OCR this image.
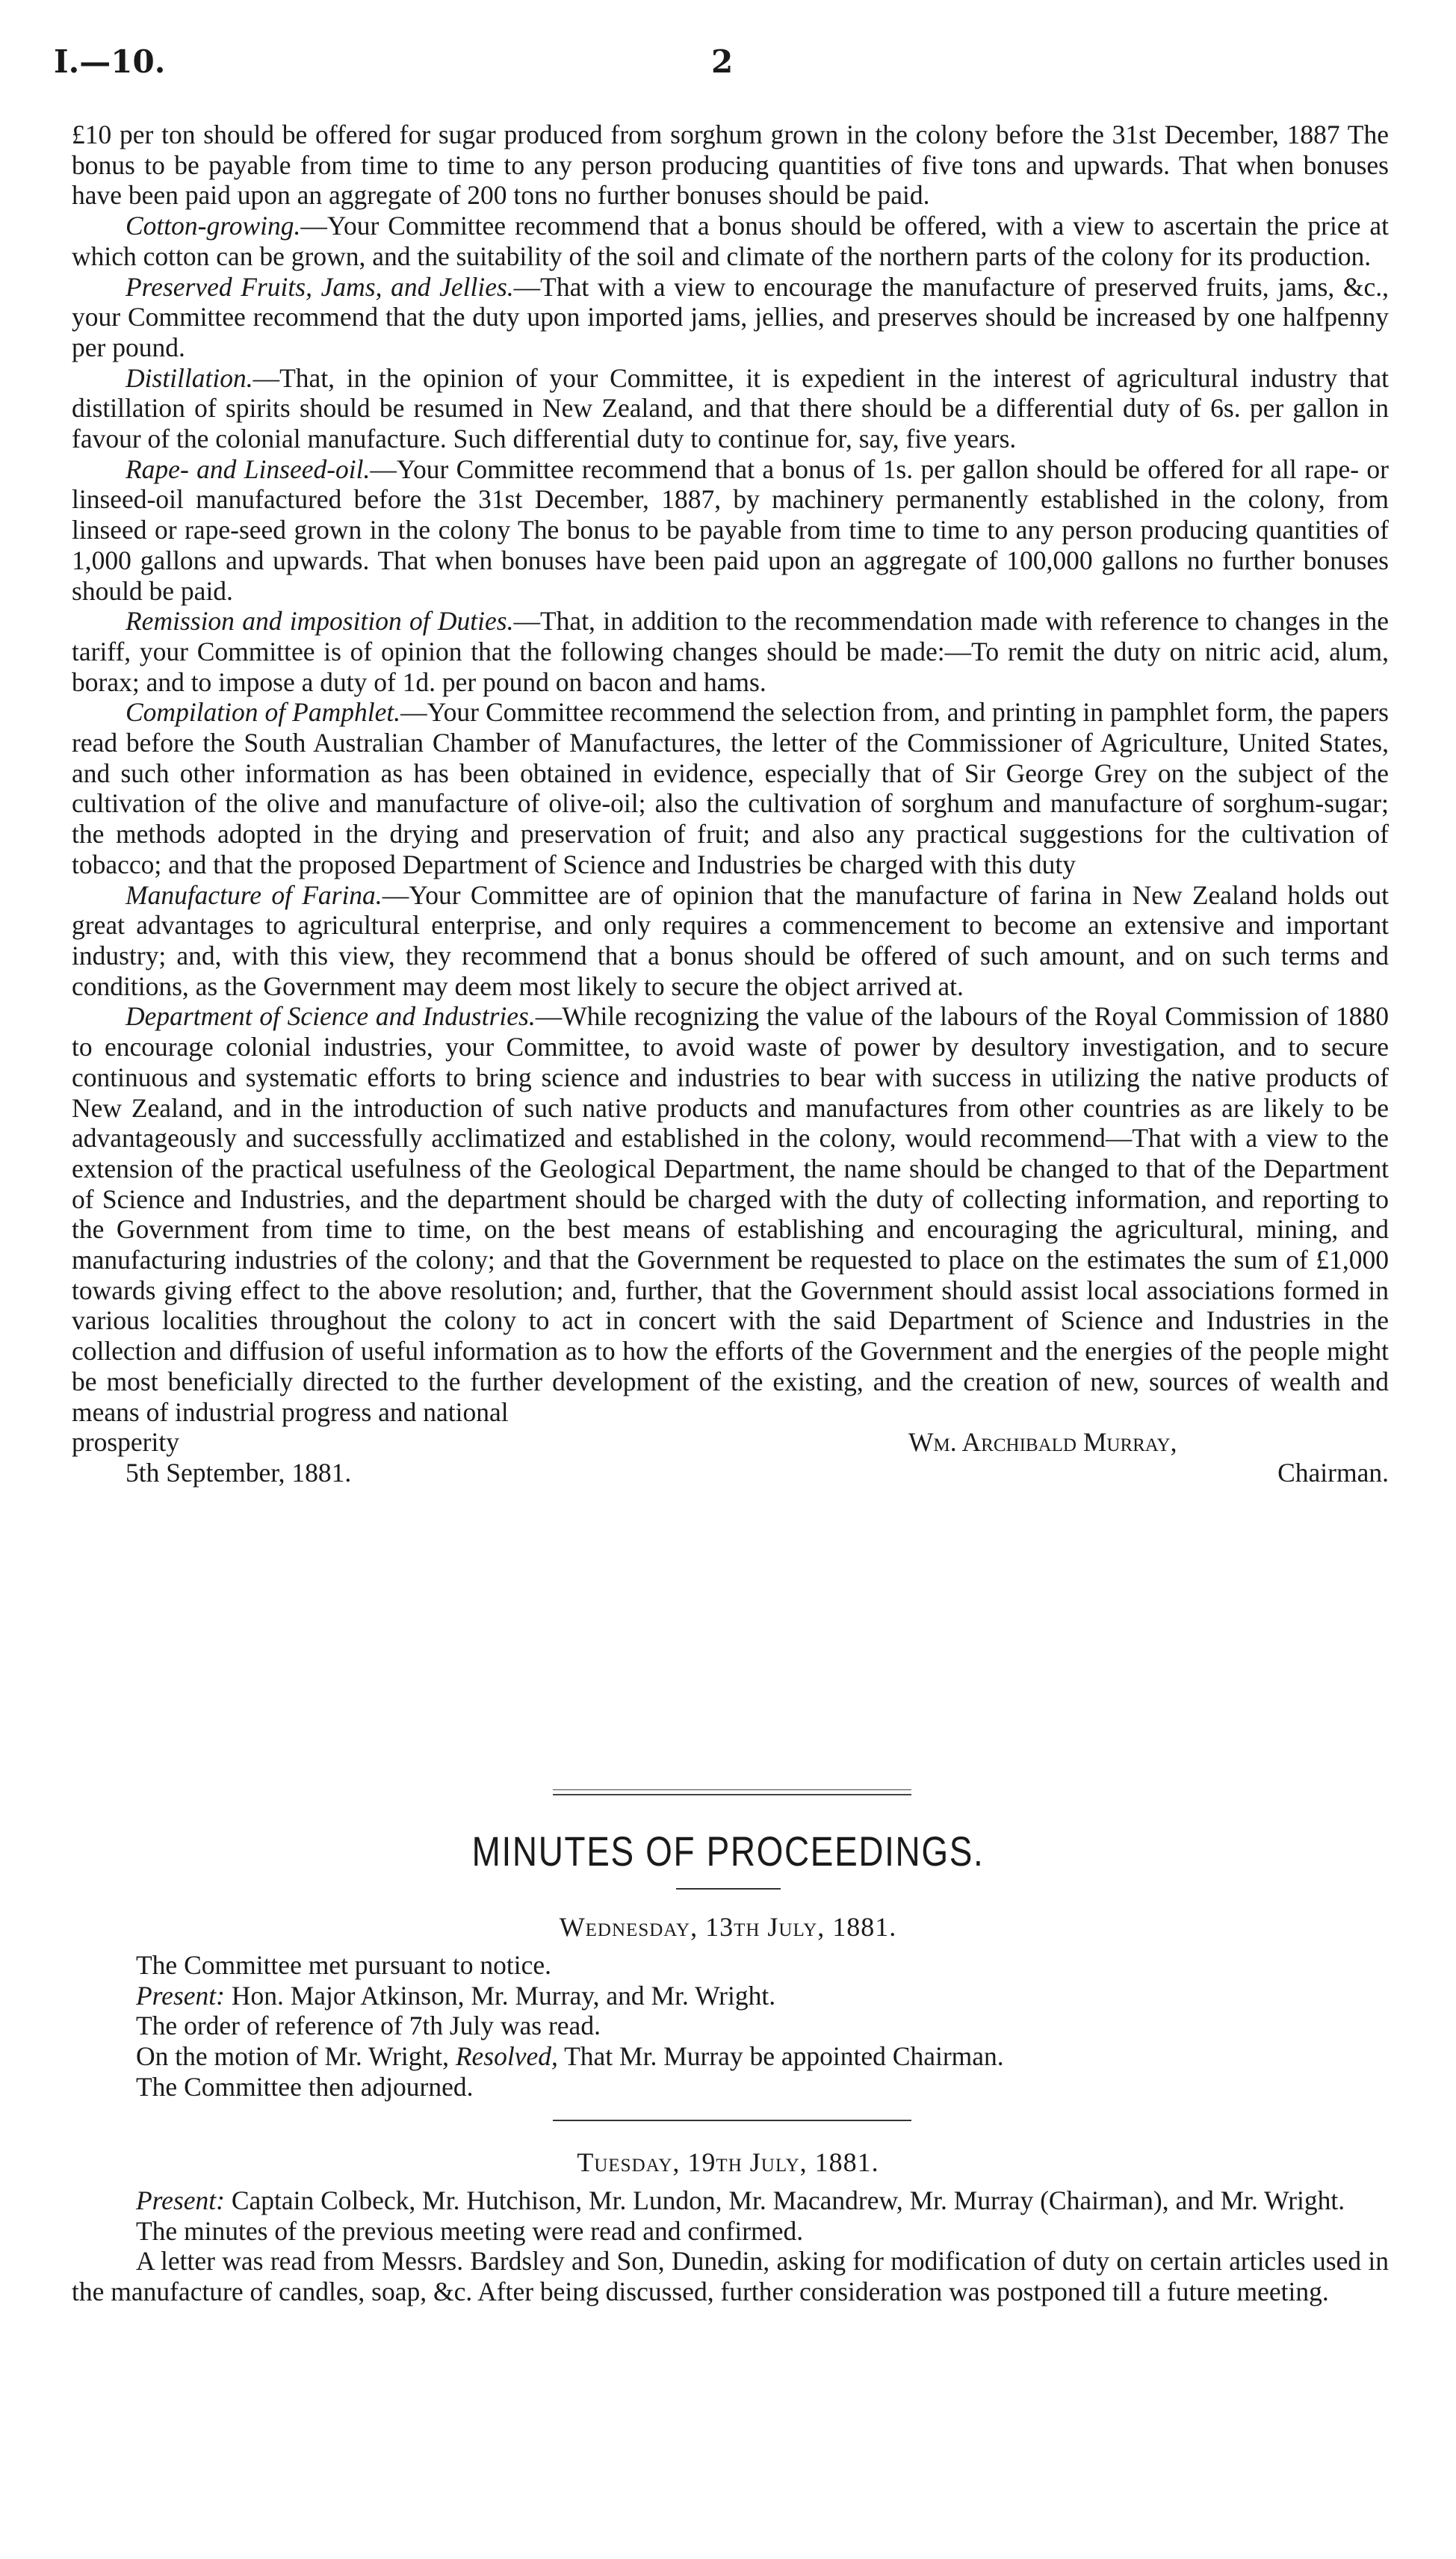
I.—10.	2

£10 per ton should be offered for sugar produced from sorghum grown in the colony before the 31st December, 1887 The bonus to be payable from time to time to any person producing quantities of five tons and upwards. That when bonuses have been paid upon an aggregate of 200 tons no further bonuses should be paid.

Cotton-growing.—Your Committee recommend that a bonus should be offered, with a view to ascertain the price at which cotton can be grown, and the suitability of the soil and climate of the northern parts of the colony for its production.

Preserved Fruits, Jams, and Jellies.—That with a view to encourage the manufacture of preserved fruits, jams, &c., your Committee recommend that the duty upon imported jams, jellies, and preserves should be increased by one halfpenny per pound.

Distillation.—That, in the opinion of your Committee, it is expedient in the interest of agricultural industry that distillation of spirits should be resumed in New Zealand, and that there should be a differential duty of 6s. per gallon in favour of the colonial manufacture. Such differential duty to continue for, say, five years.

Rape- and Linseed-oil.—Your Committee recommend that a bonus of 1s. per gallon should be offered for all rape- or linseed-oil manufactured before the 31st December, 1887, by machinery permanently established in the colony, from linseed or rape-seed grown in the colony The bonus to be payable from time to time to any person producing quantities of 1,000 gallons and upwards. That when bonuses have been paid upon an aggregate of 100,000 gallons no further bonuses should be paid.

Remission and imposition of Duties.—That, in addition to the recommendation made with reference to changes in the tariff, your Committee is of opinion that the following changes should be made:—To remit the duty on nitric acid, alum, borax; and to impose a duty of 1d. per pound on bacon and hams.

Compilation of Pamphlet.—Your Committee recommend the selection from, and printing in pamphlet form, the papers read before the South Australian Chamber of Manufactures, the letter of the Commissioner of Agriculture, United States, and such other information as has been obtained in evidence, especially that of Sir George Grey on the subject of the cultivation of the olive and manufacture of olive-oil; also the cultivation of sorghum and manufacture of sorghum-sugar; the methods adopted in the drying and preservation of fruit; and also any practical suggestions for the cultivation of tobacco; and that the proposed Department of Science and Industries be charged with this duty

Manufacture of Farina.—Your Committee are of opinion that the manufacture of farina in New Zealand holds out great advantages to agricultural enterprise, and only requires a commencement to become an extensive and important industry; and, with this view, they recommend that a bonus should be offered of such amount, and on such terms and conditions, as the Government may deem most likely to secure the object arrived at.

Department of Science and Industries.—While recognizing the value of the labours of the Royal Commission of 1880 to encourage colonial industries, your Committee, to avoid waste of power by desultory investigation, and to secure continuous and systematic efforts to bring science and industries to bear with success in utilizing the native products of New Zealand, and in the introduction of such native products and manufactures from other countries as are likely to be advantageously and successfully acclimatized and established in the colony, would recommend—That with a view to the extension of the practical usefulness of the Geological Department, the name should be changed to that of the Department of Science and Industries, and the department should be charged with the duty of collecting information, and reporting to the Government from time to time, on the best means of establishing and encouraging the agricultural, mining, and manufacturing industries of the colony; and that the Government be requested to place on the estimates the sum of £1,000 towards giving effect to the above resolution; and, further, that the Government should assist local associations formed in various localities throughout the colony to act in concert with the said Department of Science and Industries in the collection and diffusion of useful information as to how the efforts of the Government and the energies of the people might be most beneficially directed to the further development of the existing, and the creation of new, sources of wealth and means of industrial progress and national

prosperity	Wm. Archibald Murray,
5th September, 1881.	Chairman.
MINUTES OF PROCEEDINGS.
Wednesday, 13th July, 1881.

The Committee met pursuant to notice.

Present: Hon. Major Atkinson, Mr. Murray, and Mr. Wright.

The order of reference of 7th July was read.

On the motion of Mr. Wright, Resolved, That Mr. Murray be appointed Chairman.

The Committee then adjourned.

Tuesday, 19th July, 1881.

Present: Captain Colbeck, Mr. Hutchison, Mr. Lundon, Mr. Macandrew, Mr. Murray (Chairman), and Mr. Wright.

The minutes of the previous meeting were read and confirmed.

A letter was read from Messrs. Bardsley and Son, Dunedin, asking for modification of duty on certain articles used in the manufacture of candles, soap, &c. After being discussed, further consideration was postponed till a future meeting.
